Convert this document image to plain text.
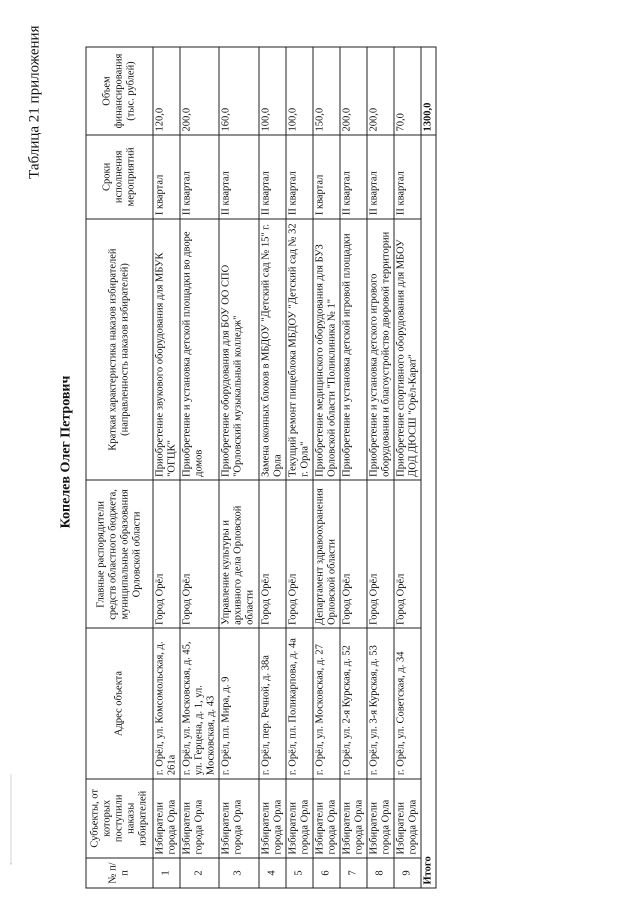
Таблица 21 приложения
Копелев Олег Петрович
№ п/п	Субъекты, от которых поступили наказы избирателей	Адрес объекта	Главные распорядители средств областного бюджета, муниципальные образования Орловской области	Краткая характеристика наказов избирателей (направленность наказов избирателей)	Сроки исполнения мероприятий	Объем финансирования (тыс. рублей)
1	Избиратели города Орла	г. Орёл, ул. Комсомольская, д. 261а	Город Орёл	Приобретение звукового оборудования для МБУК "ОГЦК"	I квартал	120,0
2	Избиратели города Орла	г. Орёл, ул. Московская, д. 45, ул. Герцена, д. 1, ул. Московская, д. 43	Город Орёл	Приобретение и установка детской площадки во дворе домов	II квартал	200,0
3	Избиратели города Орла	г. Орёл, пл. Мира, д. 9	Управление культуры и архивного дела Орловской области	Приобретение оборудования для БОУ ОО СПО "Орловский музыкальный колледж"	II квартал	160,0
4	Избиратели города Орла	г. Орёл, пер. Речной, д. 38а	Город Орёл	Замена оконных блоков в МБДОУ "Детский сад № 15" г. Орла	II квартал	100,0
5	Избиратели города Орла	г. Орёл, пл. Поликарпова, д. 4а	Город Орёл	Текущий ремонт пищеблока МБДОУ "Детский сад № 32 г. Орла"	II квартал	100,0
6	Избиратели города Орла	г. Орёл, ул. Московская, д. 27	Департамент здравоохранения Орловской области	Приобретение медицинского оборудования для БУЗ Орловской области "Поликлиника № 1"	I квартал	150,0
7	Избиратели города Орла	г. Орёл, ул. 2-я Курская, д. 52	Город Орёл	Приобретение и установка детской игровой площадки	II квартал	200,0
8	Избиратели города Орла	г. Орёл, ул. 3-я Курская, д. 53	Город Орёл	Приобретение и установка детского игрового оборудования и благоустройство дворовой территории	II квартал	200,0
9	Избиратели города Орла	г. Орёл, ул. Советская, д. 34	Город Орёл	Приобретение спортивного оборудования для МБОУ ДОД ДЮСШ "Орёл-Карат"	II квартал	70,0
Итого						1300,0
